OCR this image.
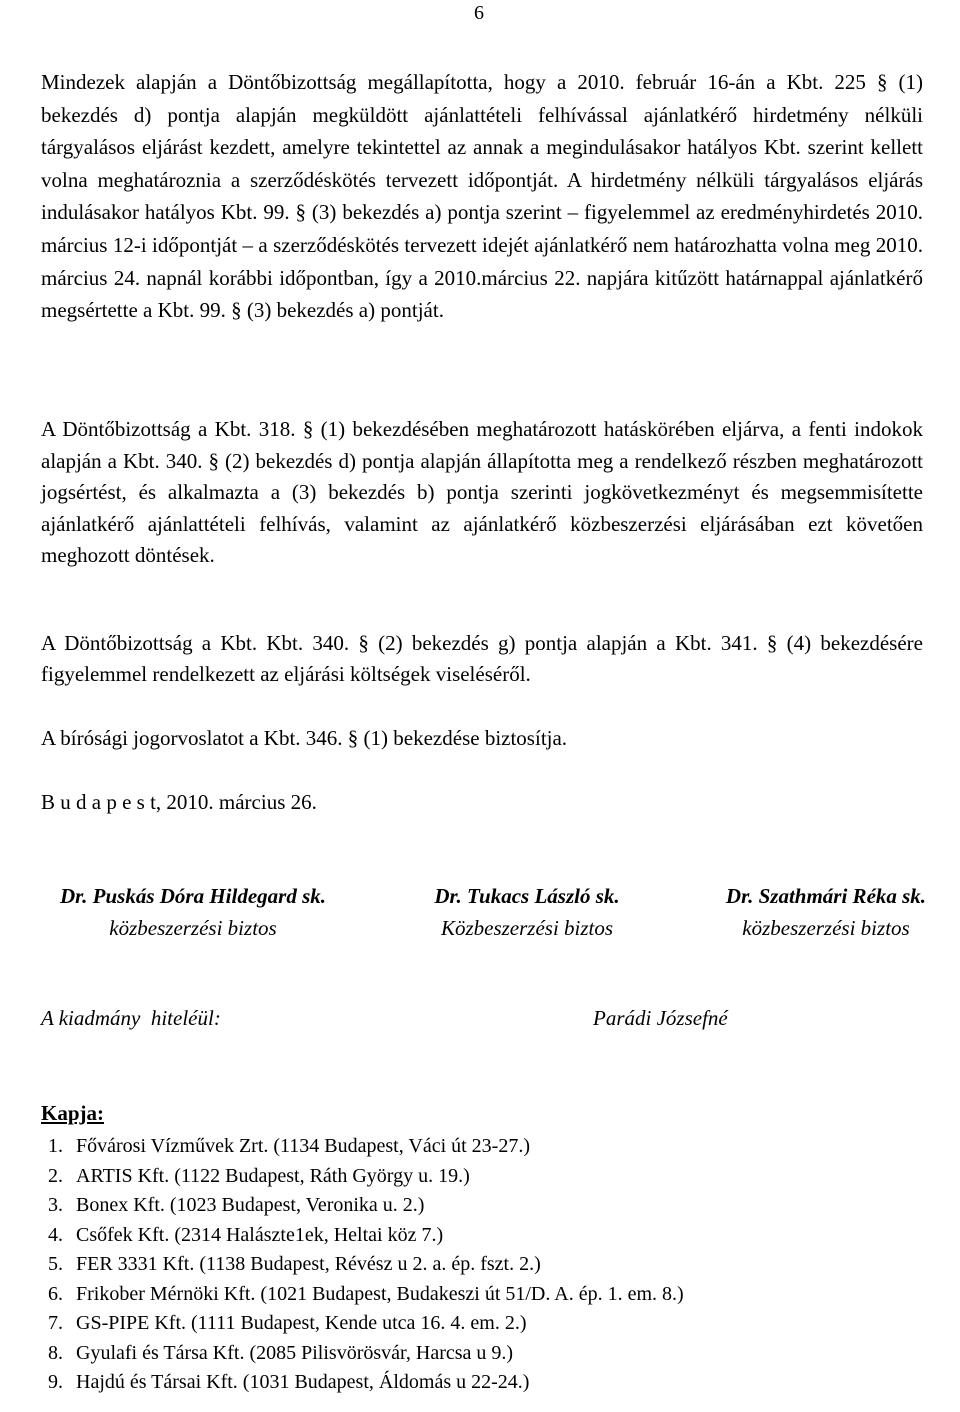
6

Mindezek alapján a Döntőbizottság megállapította, hogy a 2010. február 16-án a Kbt. 225 § (1) bekezdés d) pontja alapján megküldött ajánlattételi felhívással ajánlatkérő hirdetmény nélküli tárgyalásos eljárást kezdett, amelyre tekintettel az annak a megindulásakor hatályos Kbt. szerint kellett volna meghatároznia a szerződéskötés tervezett időpontját. A hirdetmény nélküli tárgyalásos eljárás indulásakor hatályos Kbt. 99. § (3) bekezdés a) pontja szerint – figyelemmel az eredményhirdetés 2010. március 12-i időpontját – a szerződéskötés tervezett idejét ajánlatkérő nem határozhatta volna meg 2010. március 24. napnál korábbi időpontban, így a 2010.március 22. napjára kitűzött határnappal ajánlatkérő megsértette a Kbt. 99. § (3) bekezdés a) pontját.

A Döntőbizottság a Kbt. 318. § (1) bekezdésében meghatározott hatáskörében eljárva, a fenti indokok alapján a Kbt. 340. § (2) bekezdés d) pontja alapján állapította meg a rendelkező részben meghatározott jogsértést, és alkalmazta a (3) bekezdés b) pontja szerinti jogkövetkezményt és megsemmisítette ajánlatkérő ajánlattételi felhívás, valamint az ajánlatkérő közbeszerzési eljárásában ezt követően meghozott döntések.

A Döntőbizottság a Kbt. Kbt. 340. § (2) bekezdés g) pontja alapján a Kbt. 341. § (4) bekezdésére figyelemmel rendelkezett az eljárási költségek viseléséről.

A bírósági jogorvoslatot a Kbt. 346. § (1) bekezdése biztosítja.

B u d a p e s t, 2010. március 26.

Dr. Puskás Dóra Hildegard sk.
közbeszerzési biztos
Dr. Tukacs László sk.
Közbeszerzési biztos
Dr. Szathmári Réka sk.
közbeszerzési biztos
A kiadmány  hiteléül:	Parádi Józsefné
Kapja:
1. Fővárosi Vízművek Zrt. (1134 Budapest, Váci út 23-27.)
2. ARTIS Kft. (1122 Budapest, Ráth György u. 19.)
3. Bonex Kft. (1023 Budapest, Veronika u. 2.)
4. Csőfek Kft. (2314 Halászte1ek, Heltai köz 7.)
5. FER 3331 Kft. (1138 Budapest, Révész u 2. a. ép. fszt. 2.)
6. Frikober Mérnöki Kft. (1021 Budapest, Budakeszi út 51/D. A. ép. 1. em. 8.)
7. GS-PIPE Kft. (1111 Budapest, Kende utca 16. 4. em. 2.)
8. Gyulafi és Társa Kft. (2085 Pilisvörösvár, Harcsa u 9.)
9. Hajdú és Társai Kft. (1031 Budapest, Áldomás u 22-24.)
